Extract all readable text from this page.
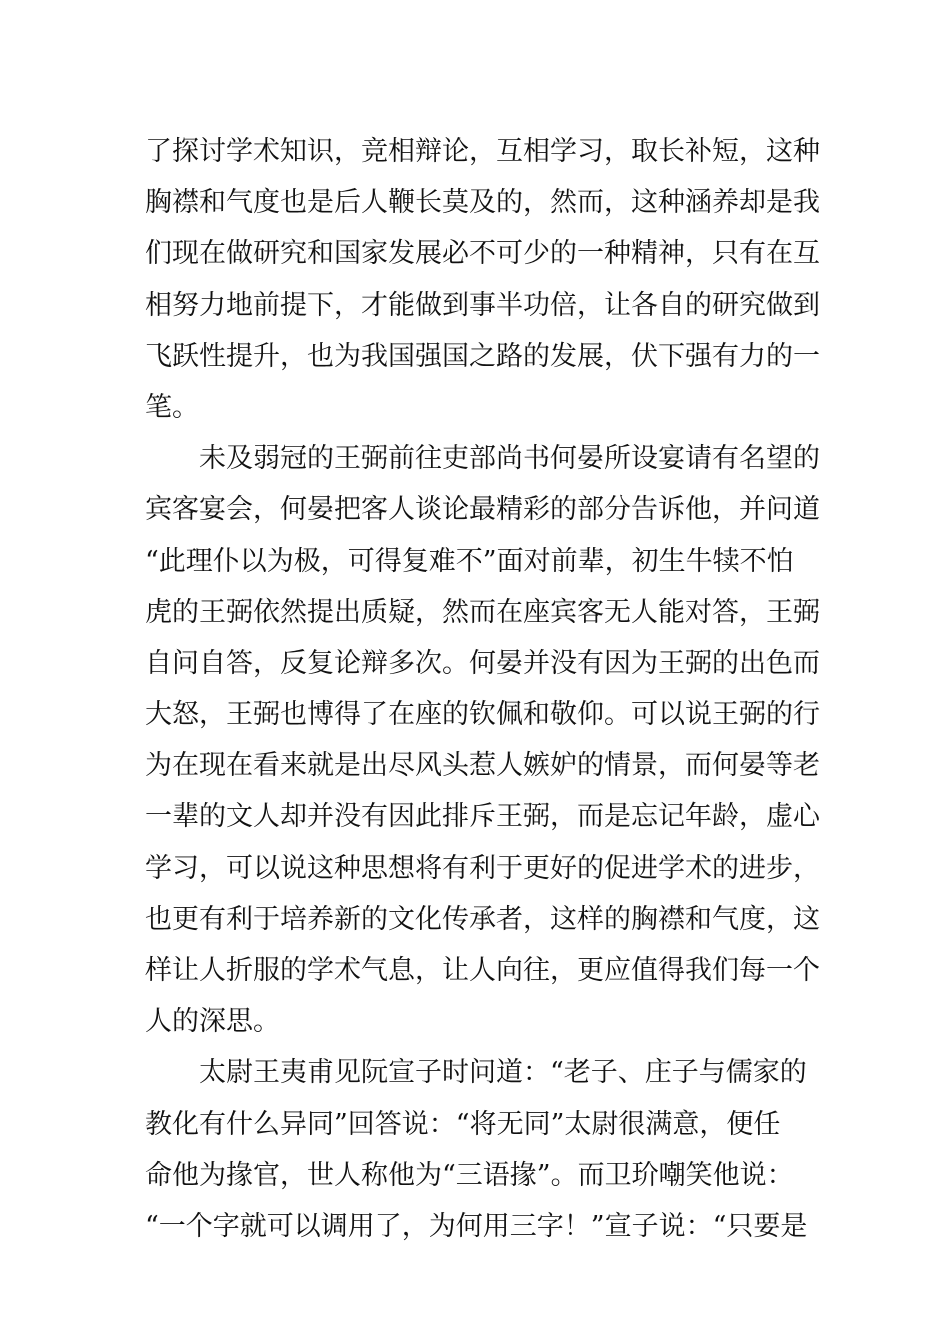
了探讨学术知识，竞相辩论，互相学习，取长补短，这种
胸襟和气度也是后人鞭长莫及的，然而，这种涵养却是我
们现在做研究和国家发展必不可少的一种精神，只有在互
相努力地前提下，才能做到事半功倍，让各自的研究做到
飞跃性提升，也为我国强国之路的发展，伏下强有力的一
笔。
　　未及弱冠的王弼前往吏部尚书何晏所设宴请有名望的
宾客宴会，何晏把客人谈论最精彩的部分告诉他，并问道
“此理仆以为极，可得复难不”面对前辈，初生牛犊不怕
虎的王弼依然提出质疑，然而在座宾客无人能对答，王弼
自问自答，反复论辩多次。何晏并没有因为王弼的出色而
大怒，王弼也博得了在座的钦佩和敬仰。可以说王弼的行
为在现在看来就是出尽风头惹人嫉妒的情景，而何晏等老
一辈的文人却并没有因此排斥王弼，而是忘记年龄，虚心
学习，可以说这种思想将有利于更好的促进学术的进步，
也更有利于培养新的文化传承者，这样的胸襟和气度，这
样让人折服的学术气息，让人向往，更应值得我们每一个
人的深思。
　　太尉王夷甫见阮宣子时问道：“老子、庄子与儒家的
教化有什么异同”回答说：“将无同”太尉很满意，便任
命他为掾官，世人称他为“三语掾”。而卫玠嘲笑他说：
“一个字就可以调用了，为何用三字！”宣子说：“只要是
